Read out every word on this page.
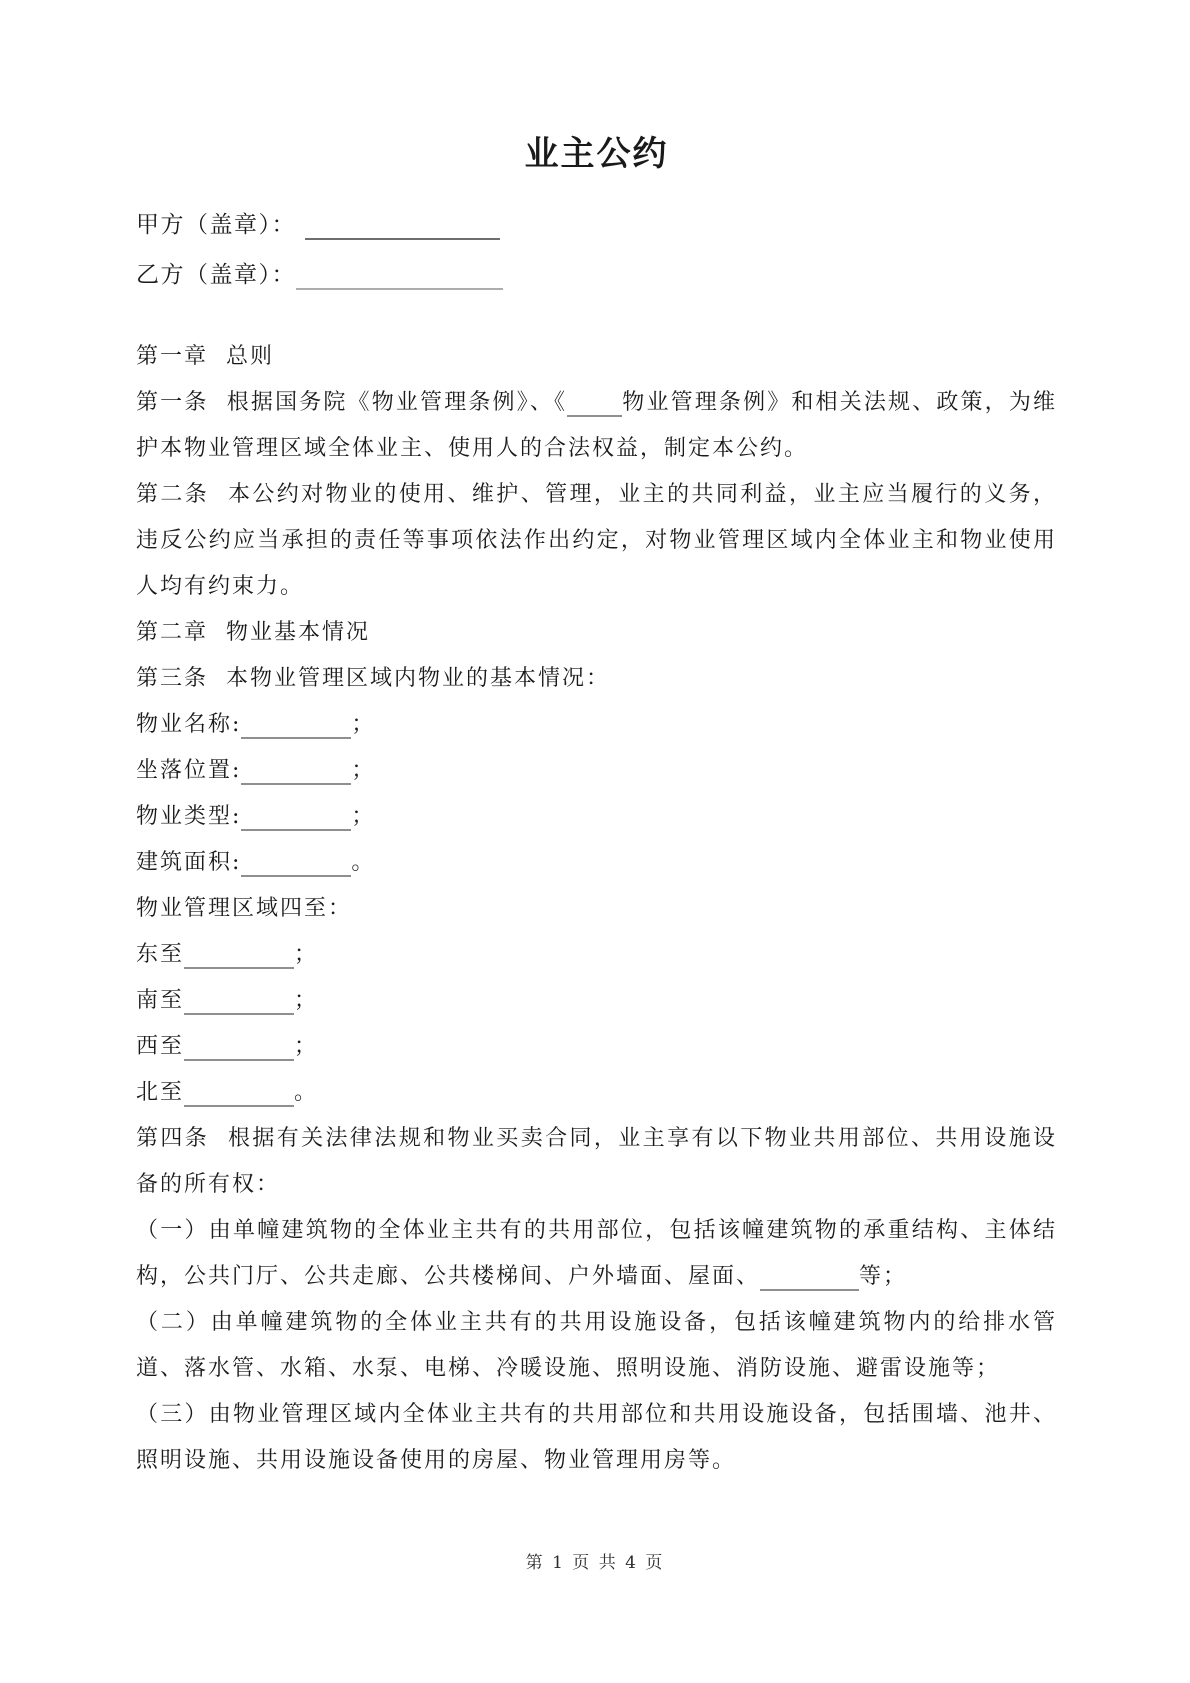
业主公约

甲方（盖章）：

乙方（盖章）：

第一章  总则

第一条  根据国务院《物业管理条例》、《	物业管理条例》和相关法规、政策，为维护本物业管理区域全体业主、使用人的合法权益，制定本公约。

第二条  本公约对物业的使用、维护、管理，业主的共同利益，业主应当履行的义务，违反公约应当承担的责任等事项依法作出约定，对物业管理区域内全体业主和物业使用人均有约束力。

第二章  物业基本情况

第三条  本物业管理区域内物业的基本情况：

物业名称:	；

坐落位置:	；

物业类型:	；

建筑面积:	。

物业管理区域四至：

东至	；

南至	；

西至	；

北至	。

第四条  根据有关法律法规和物业买卖合同，业主享有以下物业共用部位、共用设施设备的所有权：

（一）由单幢建筑物的全体业主共有的共用部位，包括该幢建筑物的承重结构、主体结构，公共门厅、公共走廊、公共楼梯间、户外墙面、屋面、	等；

（二）由单幢建筑物的全体业主共有的共用设施设备，包括该幢建筑物内的给排水管道、落水管、水箱、水泵、电梯、冷暖设施、照明设施、消防设施、避雷设施等；

（三）由物业管理区域内全体业主共有的共用部位和共用设施设备，包括围墙、池井、照明设施、共用设施设备使用的房屋、物业管理用房等。

第 1 页 共 4 页
